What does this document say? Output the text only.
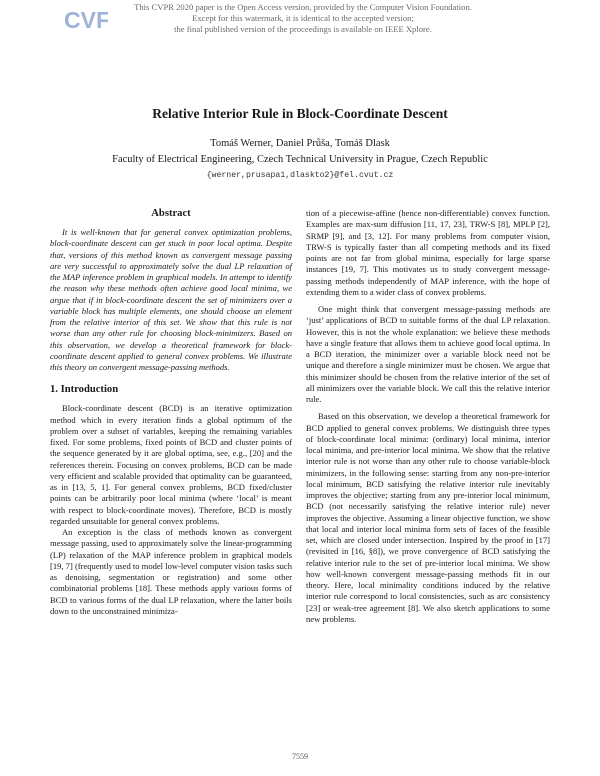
CVF	This CVPR 2020 paper is the Open Access version, provided by the Computer Vision Foundation.
Except for this watermark, it is identical to the accepted version;
the final published version of the proceedings is available on IEEE Xplore.
Relative Interior Rule in Block-Coordinate Descent
Tomáš Werner, Daniel Průša, Tomáš Dlask
Faculty of Electrical Engineering, Czech Technical University in Prague, Czech Republic
{werner,prusapa1,dlaskto2}@fel.cvut.cz
Abstract

It is well-known that for general convex optimization problems, block-coordinate descent can get stuck in poor local optima. Despite that, versions of this method known as convergent message passing are very successful to approximately solve the dual LP relaxation of the MAP inference problem in graphical models. In attempt to identify the reason why these methods often achieve good local minima, we argue that if in block-coordinate descent the set of minimizers over a variable block has multiple elements, one should choose an element from the relative interior of this set. We show that this rule is not worse than any other rule for choosing block-minimizers. Based on this observation, we develop a theoretical framework for block-coordinate descent applied to general convex problems. We illustrate this theory on convergent message-passing methods.

1. Introduction

Block-coordinate descent (BCD) is an iterative optimization method which in every iteration finds a global optimum of the problem over a subset of variables, keeping the remaining variables fixed. For some problems, fixed points of BCD and cluster points of the sequence generated by it are global optima, see, e.g., [20] and the references therein. Focusing on convex problems, BCD can be made very efficient and scalable provided that optimality can be guaranteed, as in [13, 5, 1]. For general convex problems, BCD fixed/cluster points can be arbitrarily poor local minima (where ‘local’ is meant with respect to block-coordinate moves). Therefore, BCD is mostly regarded unsuitable for general convex problems.

An exception is the class of methods known as convergent message passing, used to approximately solve the linear-programming (LP) relaxation of the MAP inference problem in graphical models [19, 7] (frequently used to model low-level computer vision tasks such as denoising, segmentation or registration) and some other combinatorial problems [18]. These methods apply various forms of BCD to various forms of the dual LP relaxation, where the latter boils down to the unconstrained minimiza-

tion of a piecewise-affine (hence non-differentiable) convex function. Examples are max-sum diffusion [11, 17, 23], TRW-S [8], MPLP [2], SRMP [9], and [3, 12]. For many problems from computer vision, TRW-S is typically faster than all competing methods and its fixed points are not far from global minima, especially for large sparse instances [19, 7]. This motivates us to study convergent message-passing methods independently of MAP inference, with the hope of extending them to a wider class of convex problems.

One might think that convergent message-passing methods are ‘just’ applications of BCD to suitable forms of the dual LP relaxation. However, this is not the whole explanation: we believe these methods have a single feature that allows them to achieve good local optima. In a BCD iteration, the minimizer over a variable block need not be unique and therefore a single minimizer must be chosen. We argue that this minimizer should be chosen from the relative interior of the set of all minimizers over the variable block. We call this the relative interior rule.

Based on this observation, we develop a theoretical framework for BCD applied to general convex problems. We distinguish three types of block-coordinate local minima: (ordinary) local minima, interior local minima, and pre-interior local minima. We show that the relative interior rule is not worse than any other rule to choose variable-block minimizers, in the following sense: starting from any non-pre-interior local minimum, BCD satisfying the relative interior rule inevitably improves the objective; starting from any pre-interior local minimum, BCD (not necessarily satisfying the relative interior rule) never improves the objective. Assuming a linear objective function, we show that local and interior local minima form sets of faces of the feasible set, which are closed under intersection. Inspired by the proof in [17] (revisited in [16, §8]), we prove convergence of BCD satisfying the relative interior rule to the set of pre-interior local minima. We show how well-known convergent message-passing methods fit in our theory. Here, local minimality conditions induced by the relative interior rule correspond to local consistencies, such as arc consistency [23] or weak-tree agreement [8]. We also sketch applications to some new problems.

7559
